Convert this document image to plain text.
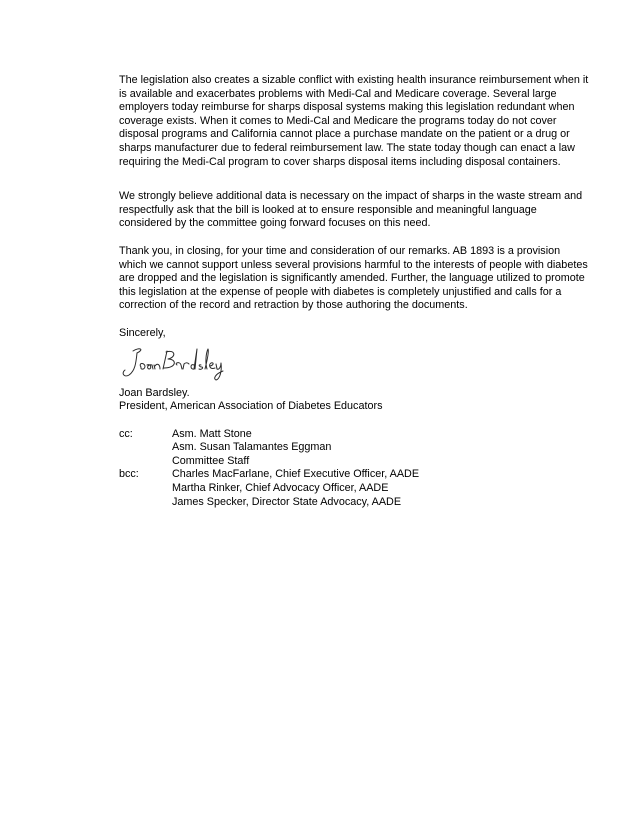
The legislation also creates a sizable conflict with existing health insurance reimbursement when it is available and exacerbates problems with Medi-Cal and Medicare coverage. Several large employers today reimburse for sharps disposal systems making this legislation redundant when coverage exists. When it comes to Medi-Cal and Medicare the programs today do not cover disposal programs and California cannot place a purchase mandate on the patient or a drug or sharps manufacturer due to federal reimbursement law. The state today though can enact a law requiring the Medi-Cal program to cover sharps disposal items including disposal containers.

We strongly believe additional data is necessary on the impact of sharps in the waste stream and respectfully ask that the bill is looked at to ensure responsible and meaningful language considered by the committee going forward focuses on this need.

Thank you, in closing, for your time and consideration of our remarks. AB 1893 is a provision which we cannot support unless several provisions harmful to the interests of people with diabetes are dropped and the legislation is significantly amended. Further, the language utilized to promote this legislation at the expense of people with diabetes is completely unjustified and calls for a correction of the record and retraction by those authoring the documents.

Sincerely,

Joan Bardsley.
President, American Association of Diabetes Educators
cc:	Asm. Matt Stone
Asm. Susan Talamantes Eggman
Committee Staff
bcc:	Charles MacFarlane, Chief Executive Officer, AADE
Martha Rinker, Chief Advocacy Officer, AADE
James Specker, Director State Advocacy, AADE
